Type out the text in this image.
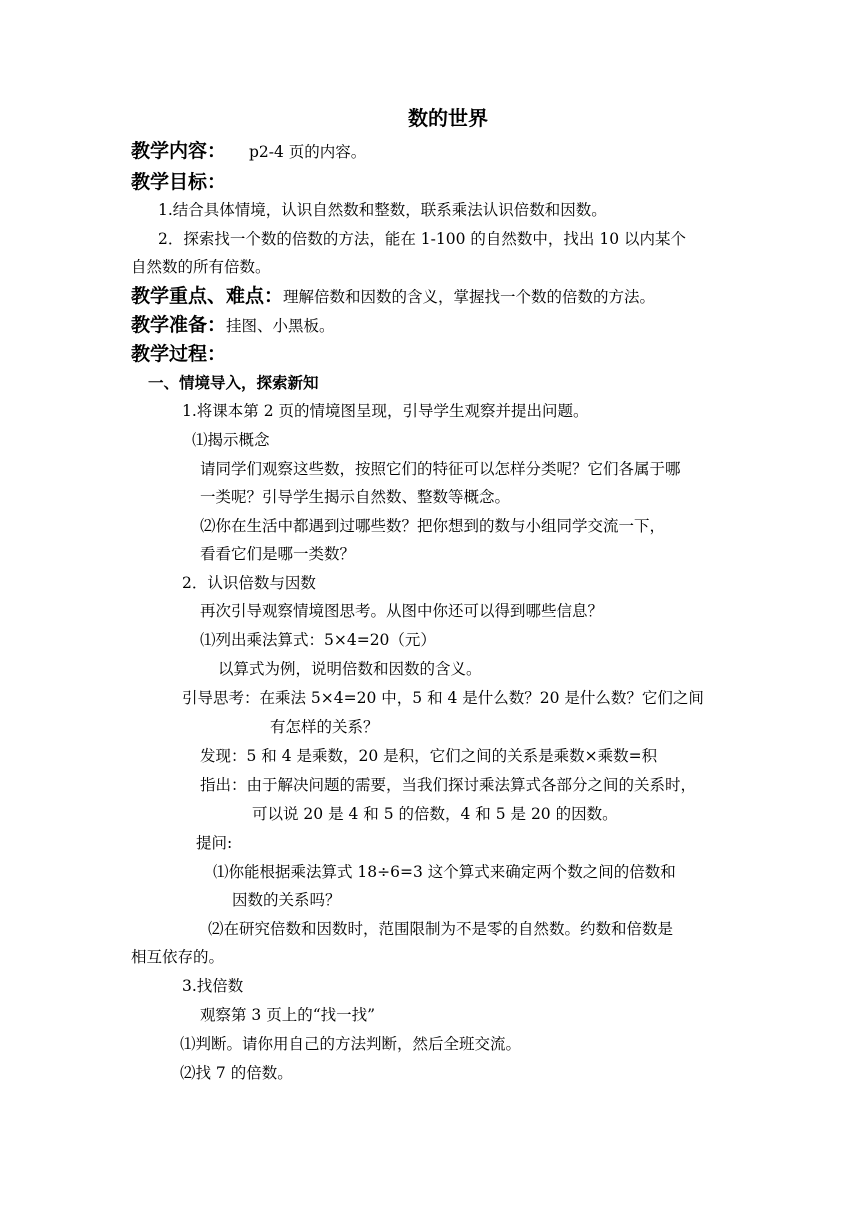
数的世界
教学内容： p2-4 页的内容。
教学目标：
1.结合具体情境，认识自然数和整数，联系乘法认识倍数和因数。
2．探索找一个数的倍数的方法，能在 1-100 的自然数中，找出 10 以内某个
自然数的所有倍数。
教学重点、难点：理解倍数和因数的含义，掌握找一个数的倍数的方法。
教学准备：挂图、小黑板。
教学过程：
一、情境导入，探索新知
1.将课本第 2 页的情境图呈现，引导学生观察并提出问题。
⑴揭示概念
请同学们观察这些数，按照它们的特征可以怎样分类呢？它们各属于哪
一类呢？引导学生揭示自然数、整数等概念。
⑵你在生活中都遇到过哪些数？把你想到的数与小组同学交流一下，
看看它们是哪一类数？
2．认识倍数与因数
再次引导观察情境图思考。从图中你还可以得到哪些信息？
⑴列出乘法算式：5×4=20（元）
以算式为例，说明倍数和因数的含义。
引导思考：在乘法 5×4=20 中，5 和 4 是什么数？20 是什么数？它们之间
有怎样的关系？
发现：5 和 4 是乘数，20 是积，它们之间的关系是乘数×乘数=积
指出：由于解决问题的需要，当我们探讨乘法算式各部分之间的关系时，
可以说 20 是 4 和 5 的倍数，4 和 5 是 20 的因数。
提问:
⑴你能根据乘法算式 18÷6=3 这个算式来确定两个数之间的倍数和
因数的关系吗？
⑵在研究倍数和因数时，范围限制为不是零的自然数。约数和倍数是
相互依存的。
3.找倍数
观察第 3 页上的“找一找”
⑴判断。请你用自己的方法判断，然后全班交流。
⑵找 7 的倍数。
